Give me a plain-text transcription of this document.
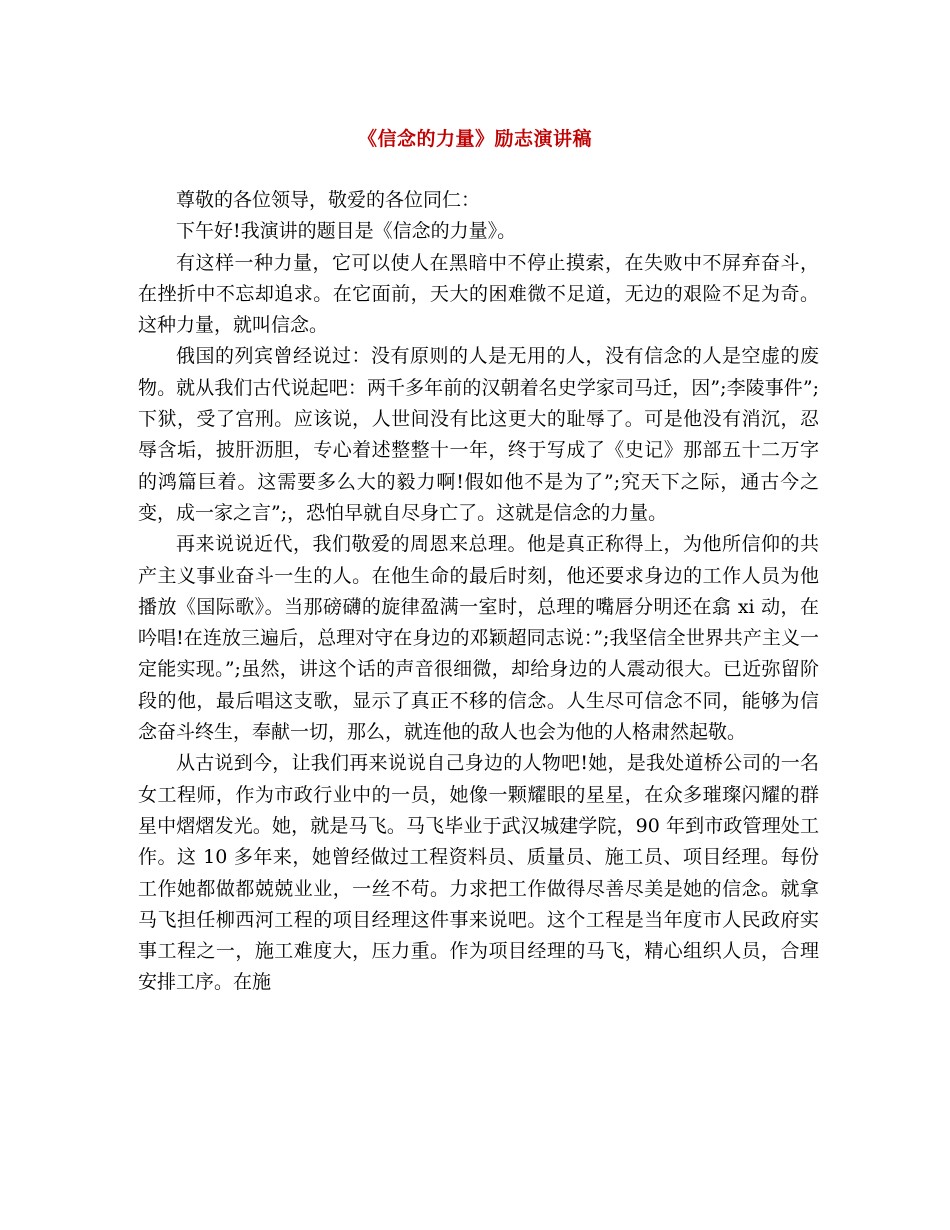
《信念的力量》励志演讲稿

尊敬的各位领导，敬爱的各位同仁：

下午好!我演讲的题目是《信念的力量》。

有这样一种力量，它可以使人在黑暗中不停止摸索，在失败中不屏弃奋斗，在挫折中不忘却追求。在它面前，天大的困难微不足道，无边的艰险不足为奇。这种力量，就叫信念。

俄国的列宾曾经说过：没有原则的人是无用的人，没有信念的人是空虚的废物。就从我们古代说起吧：两千多年前的汉朝着名史学家司马迁，因”;李陵事件”;下狱，受了宫刑。应该说，人世间没有比这更大的耻辱了。可是他没有消沉，忍辱含垢，披肝沥胆，专心着述整整十一年，终于写成了《史记》那部五十二万字的鸿篇巨着。这需要多么大的毅力啊!假如他不是为了”;究天下之际，通古今之变，成一家之言”;，恐怕早就自尽身亡了。这就是信念的力量。

再来说说近代，我们敬爱的周恩来总理。他是真正称得上，为他所信仰的共产主义事业奋斗一生的人。在他生命的最后时刻，他还要求身边的工作人员为他播放《国际歌》。当那磅礴的旋律盈满一室时，总理的嘴唇分明还在翕 xi 动，在吟唱!在连放三遍后，总理对守在身边的邓颖超同志说：”;我坚信全世界共产主义一定能实现。”;虽然，讲这个话的声音很细微，却给身边的人震动很大。已近弥留阶段的他，最后唱这支歌，显示了真正不移的信念。人生尽可信念不同，能够为信念奋斗终生，奉献一切，那么，就连他的敌人也会为他的人格肃然起敬。

从古说到今，让我们再来说说自己身边的人物吧!她，是我处道桥公司的一名女工程师，作为市政行业中的一员，她像一颗耀眼的星星，在众多璀璨闪耀的群星中熠熠发光。她，就是马飞。马飞毕业于武汉城建学院，90 年到市政管理处工作。这 10 多年来，她曾经做过工程资料员、质量员、施工员、项目经理。每份工作她都做都兢兢业业，一丝不苟。力求把工作做得尽善尽美是她的信念。就拿马飞担任柳西河工程的项目经理这件事来说吧。这个工程是当年度市人民政府实事工程之一，施工难度大，压力重。作为项目经理的马飞，精心组织人员，合理安排工序。在施
